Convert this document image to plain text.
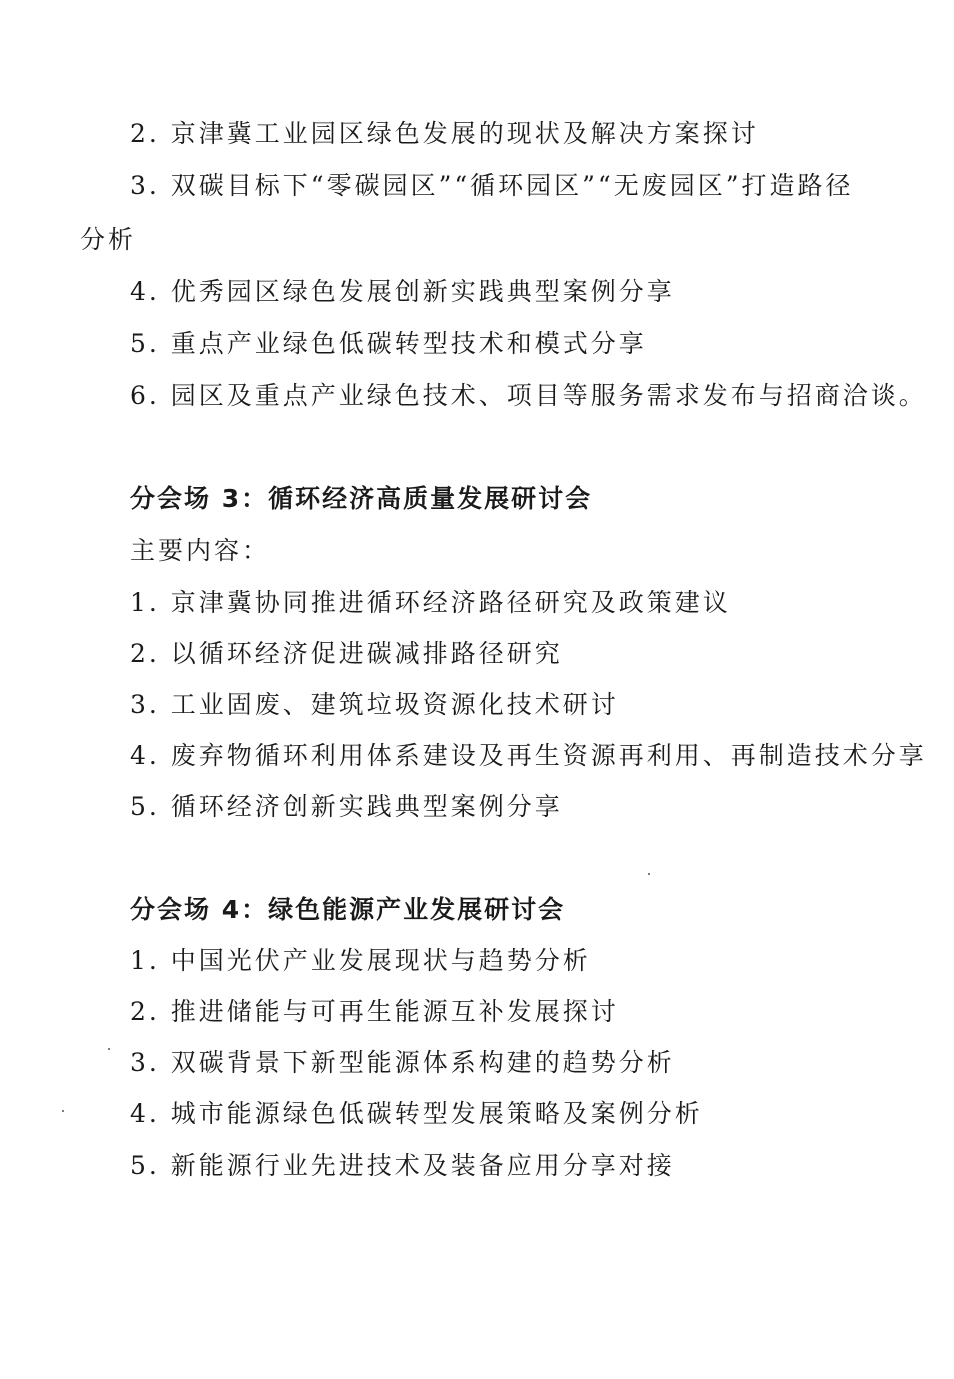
2. 京津冀工业园区绿色发展的现状及解决方案探讨
3. 双碳目标下“零碳园区”“循环园区”“无废园区”打造路径
分析
4. 优秀园区绿色发展创新实践典型案例分享
5. 重点产业绿色低碳转型技术和模式分享
6. 园区及重点产业绿色技术、项目等服务需求发布与招商洽谈。
分会场 3：循环经济高质量发展研讨会
主要内容：
1. 京津冀协同推进循环经济路径研究及政策建议
2. 以循环经济促进碳减排路径研究
3. 工业固废、建筑垃圾资源化技术研讨
4. 废弃物循环利用体系建设及再生资源再利用、再制造技术分享
5. 循环经济创新实践典型案例分享
分会场 4：绿色能源产业发展研讨会
1. 中国光伏产业发展现状与趋势分析
2. 推进储能与可再生能源互补发展探讨
3. 双碳背景下新型能源体系构建的趋势分析
4. 城市能源绿色低碳转型发展策略及案例分析
5. 新能源行业先进技术及装备应用分享对接
